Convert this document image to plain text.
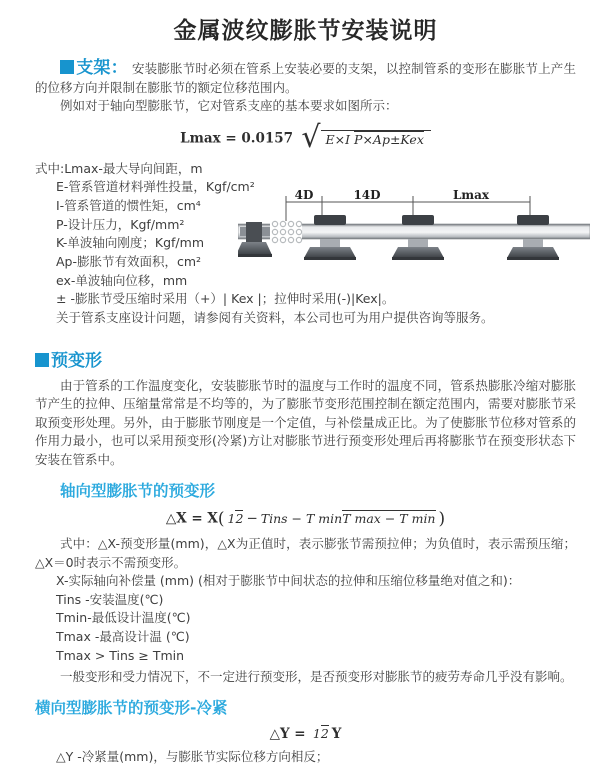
金属波纹膨胀节安装说明

支架： 安装膨胀节时必须在管系上安装必要的支架，以控制管系的变形在膨胀节上产生的位移方向并限制在膨胀节的额定位移范围内。

例如对于轴向型膨胀节，它对管系支座的基本要求如图所示：

Lmax = 0.0157 √ E×I P×Ap±Kex
式中:Lmax-最大导向间距，m
E-管系管道材料弹性投量，Kgf/cm²
I-管系管道的惯性矩，cm⁴
P-设计压力，Kgf/mm²
K-单波轴向刚度；Kgf/mm
Ap-膨胀节有效面积，cm²
ex-单波轴向位移，mm
± -膨胀节受压缩时采用（+）| Kex |；拉伸时采用(-)|Kex|。
关于管系支座设计问题，请参阅有关资料，本公司也可为用户提供咨询等服务。
4D	14D	Lmax
预变形

由于管系的工作温度变化，安装膨胀节时的温度与工作时的温度不同，管系热膨胀冷缩对膨胀节产生的拉伸、压缩量常常是不均等的，为了膨胀节变形范围控制在额定范围内，需要对膨胀节采取预变形处理。另外，由于膨胀节刚度是一个定值，与补偿量成正比。为了使膨胀节位移对管系的作用力最小，也可以采用预变形(冷紧)方让对膨胀节进行预变形处理后再将膨胀节在预变形状态下安装在管系中。

轴向型膨胀节的预变形
△X = X( 12 − Tins − T minT max − T min )

式中：△X-预变形量(mm)，△X为正值时，表示膨张节需预拉伸；为负值时，表示需预压缩；△X＝0时表示不需预变形。

X-实际轴向补偿量 (mm) (相对于膨胀节中间状态的拉伸和压缩位移量绝对值之和)：
Tins -安装温度(℃)
Tmin-最低设计温度(℃)
Tmax -最高设计温 (℃)
Tmax > Tins ≥ Tmin

一般变形和受力情况下，不一定进行预变形，是否预变形对膨胀节的疲劳寿命几乎没有影响。

横向型膨胀节的预变形-冷紧
△Y = 12 Y

△Y -冷紧量(mm)，与膨胀节实际位移方向相反；
